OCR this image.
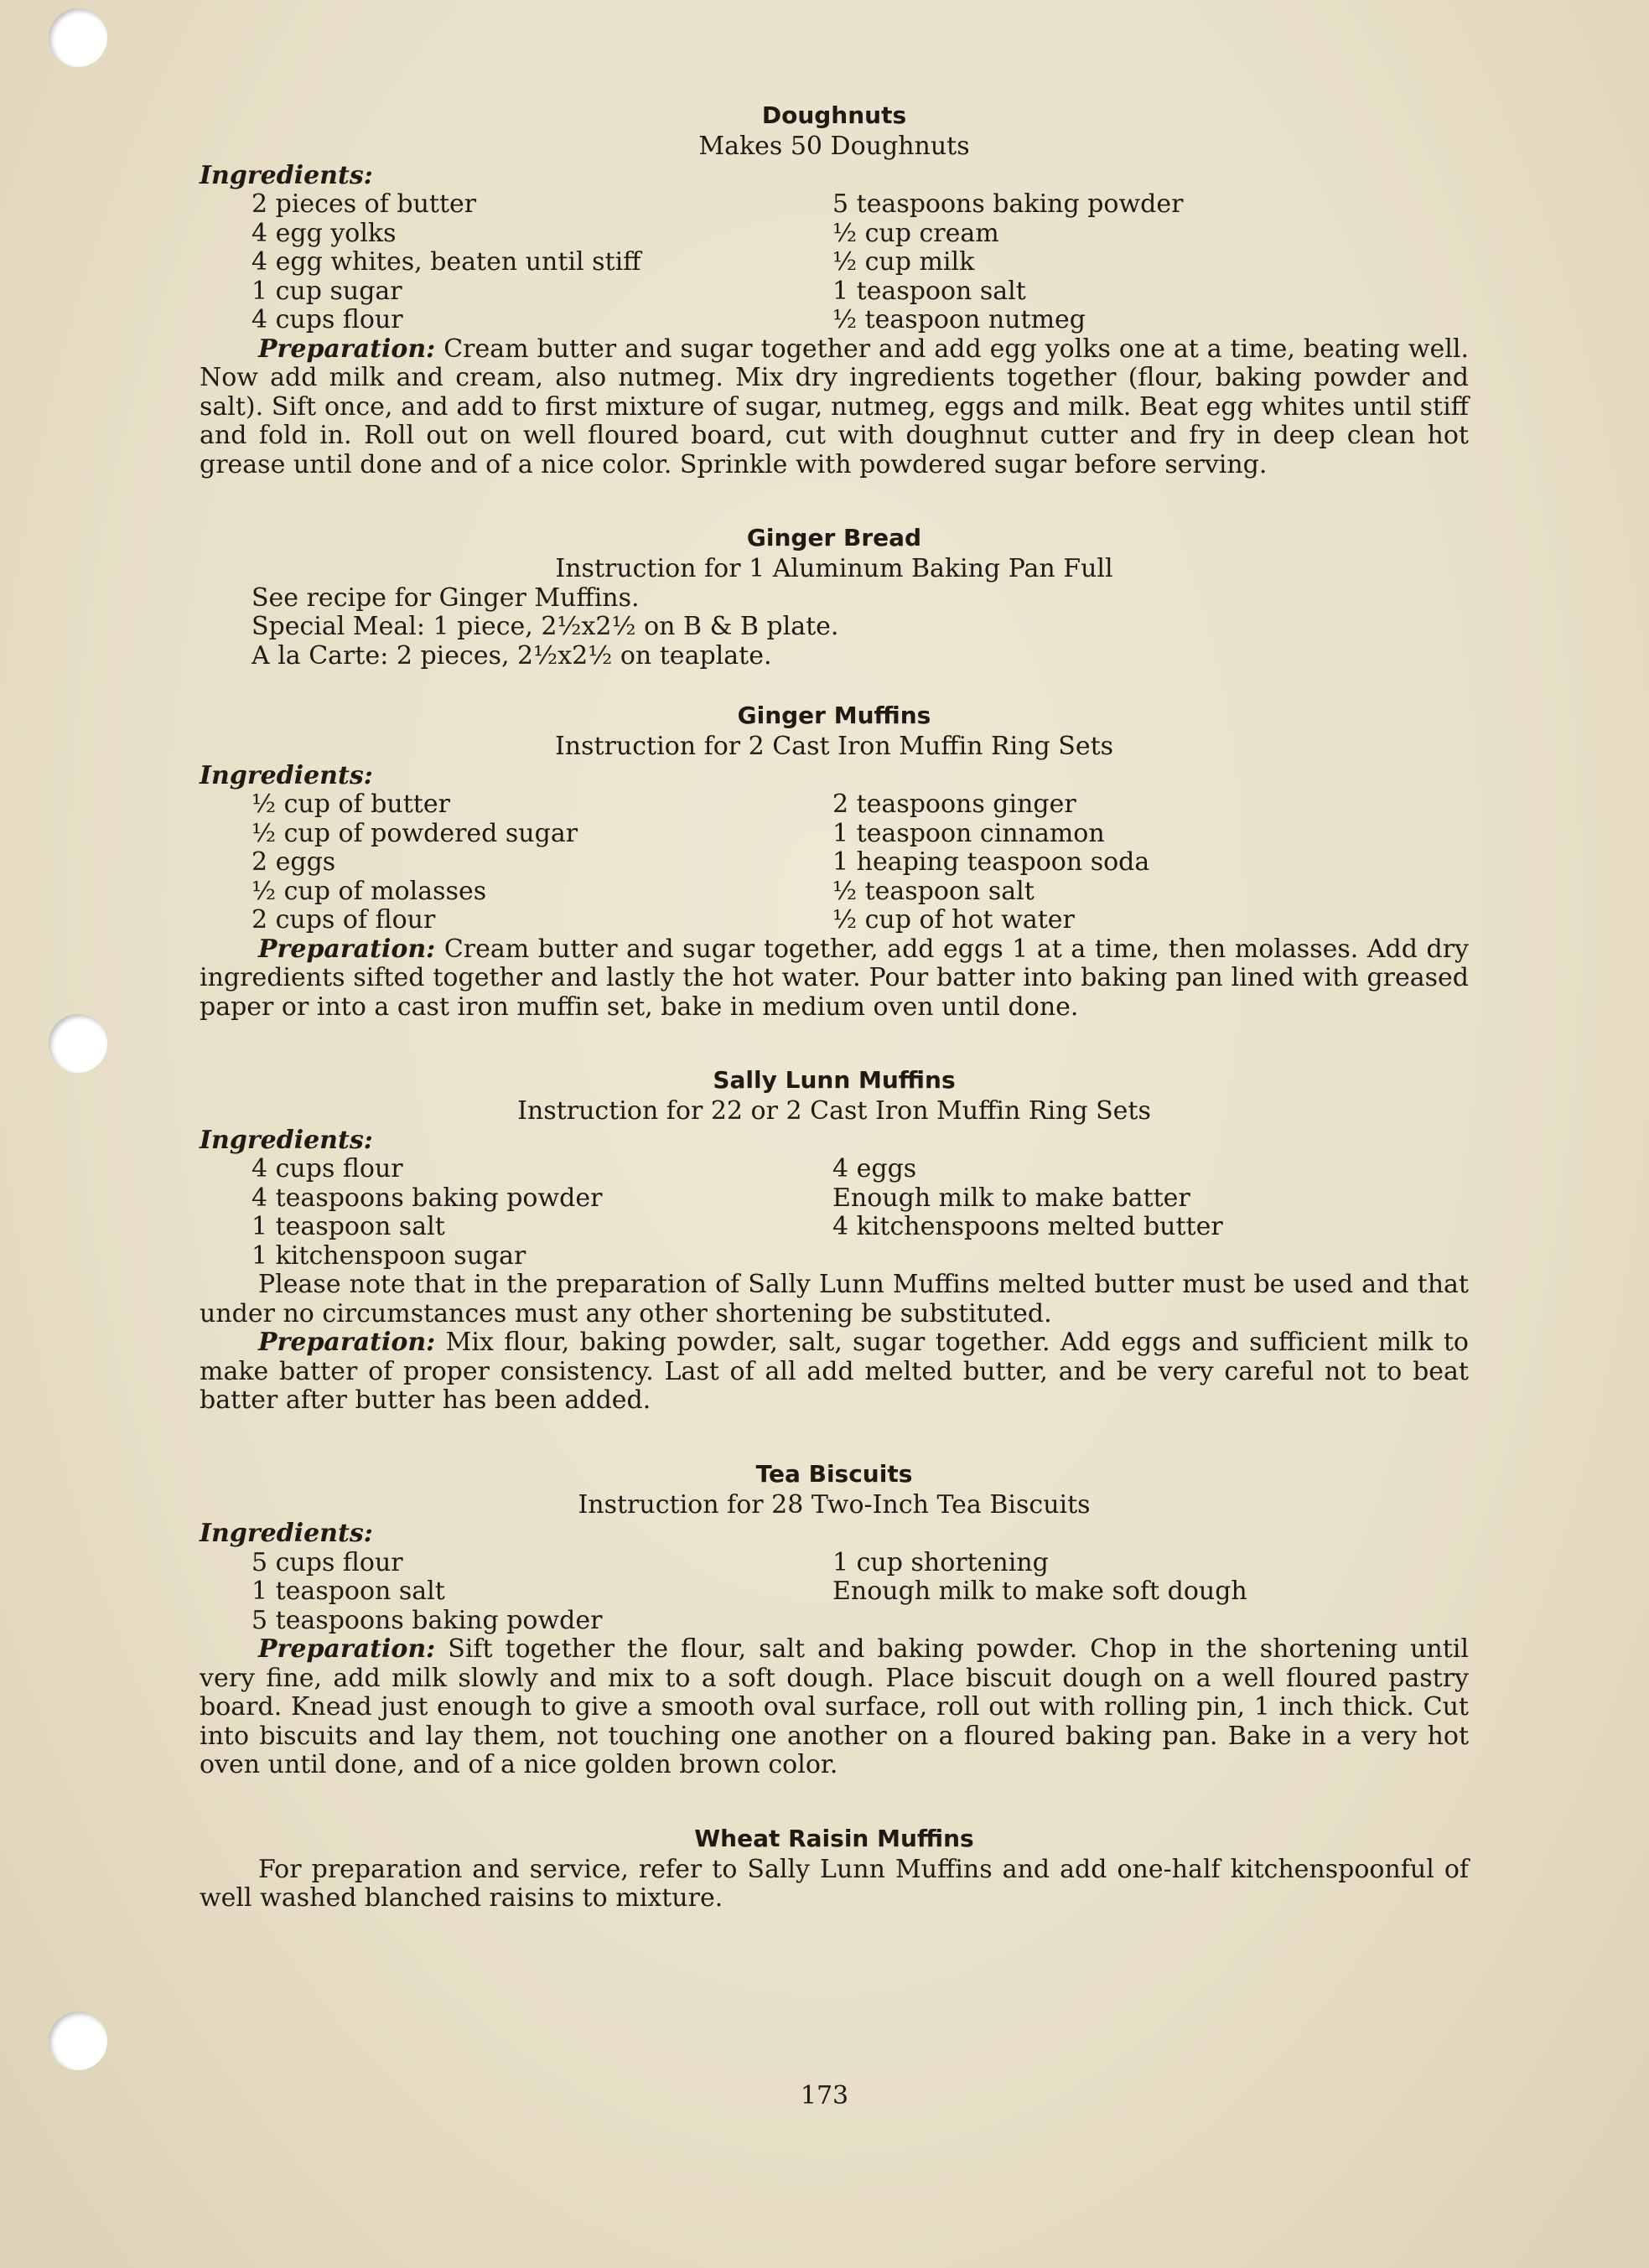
Doughnuts
Makes 50 Doughnuts
Ingredients:
2 pieces of butter
4 egg yolks
4 egg whites, beaten until stiff
1 cup sugar
4 cups flour
5 teaspoons baking powder
½ cup cream
½ cup milk
1 teaspoon salt
½ teaspoon nutmeg

Preparation: Cream butter and sugar together and add egg yolks one at a time, beating well. Now add milk and cream, also nutmeg. Mix dry ingredients together (flour, baking powder and salt). Sift once, and add to first mixture of sugar, nutmeg, eggs and milk. Beat egg whites until stiff and fold in. Roll out on well floured board, cut with doughnut cutter and fry in deep clean hot grease until done and of a nice color. Sprinkle with powdered sugar before serving.

Ginger Bread
Instruction for 1 Aluminum Baking Pan Full
See recipe for Ginger Muffins.
Special Meal: 1 piece, 2½x2½ on B & B plate.
A la Carte: 2 pieces, 2½x2½ on teaplate.
Ginger Muffins
Instruction for 2 Cast Iron Muffin Ring Sets
Ingredients:
½ cup of butter
½ cup of powdered sugar
2 eggs
½ cup of molasses
2 cups of flour
2 teaspoons ginger
1 teaspoon cinnamon
1 heaping teaspoon soda
½ teaspoon salt
½ cup of hot water

Preparation: Cream butter and sugar together, add eggs 1 at a time, then molasses. Add dry ingredients sifted together and lastly the hot water. Pour batter into baking pan lined with greased paper or into a cast iron muffin set, bake in medium oven until done.

Sally Lunn Muffins
Instruction for 22 or 2 Cast Iron Muffin Ring Sets
Ingredients:
4 cups flour
4 teaspoons baking powder
1 teaspoon salt
1 kitchenspoon sugar
4 eggs
Enough milk to make batter
4 kitchenspoons melted butter

Please note that in the preparation of Sally Lunn Muffins melted butter must be used and that under no circumstances must any other shortening be substituted.

Preparation: Mix flour, baking powder, salt, sugar together. Add eggs and sufficient milk to make batter of proper consistency. Last of all add melted butter, and be very careful not to beat batter after butter has been added.

Tea Biscuits
Instruction for 28 Two-Inch Tea Biscuits
Ingredients:
5 cups flour
1 teaspoon salt
5 teaspoons baking powder
1 cup shortening
Enough milk to make soft dough

Preparation: Sift together the flour, salt and baking powder. Chop in the shortening until very fine, add milk slowly and mix to a soft dough. Place biscuit dough on a well floured pastry board. Knead just enough to give a smooth oval surface, roll out with rolling pin, 1 inch thick. Cut into biscuits and lay them, not touching one another on a floured baking pan. Bake in a very hot oven until done, and of a nice golden brown color.

Wheat Raisin Muffins

For preparation and service, refer to Sally Lunn Muffins and add one-half kitchenspoonful of well washed blanched raisins to mixture.

173
